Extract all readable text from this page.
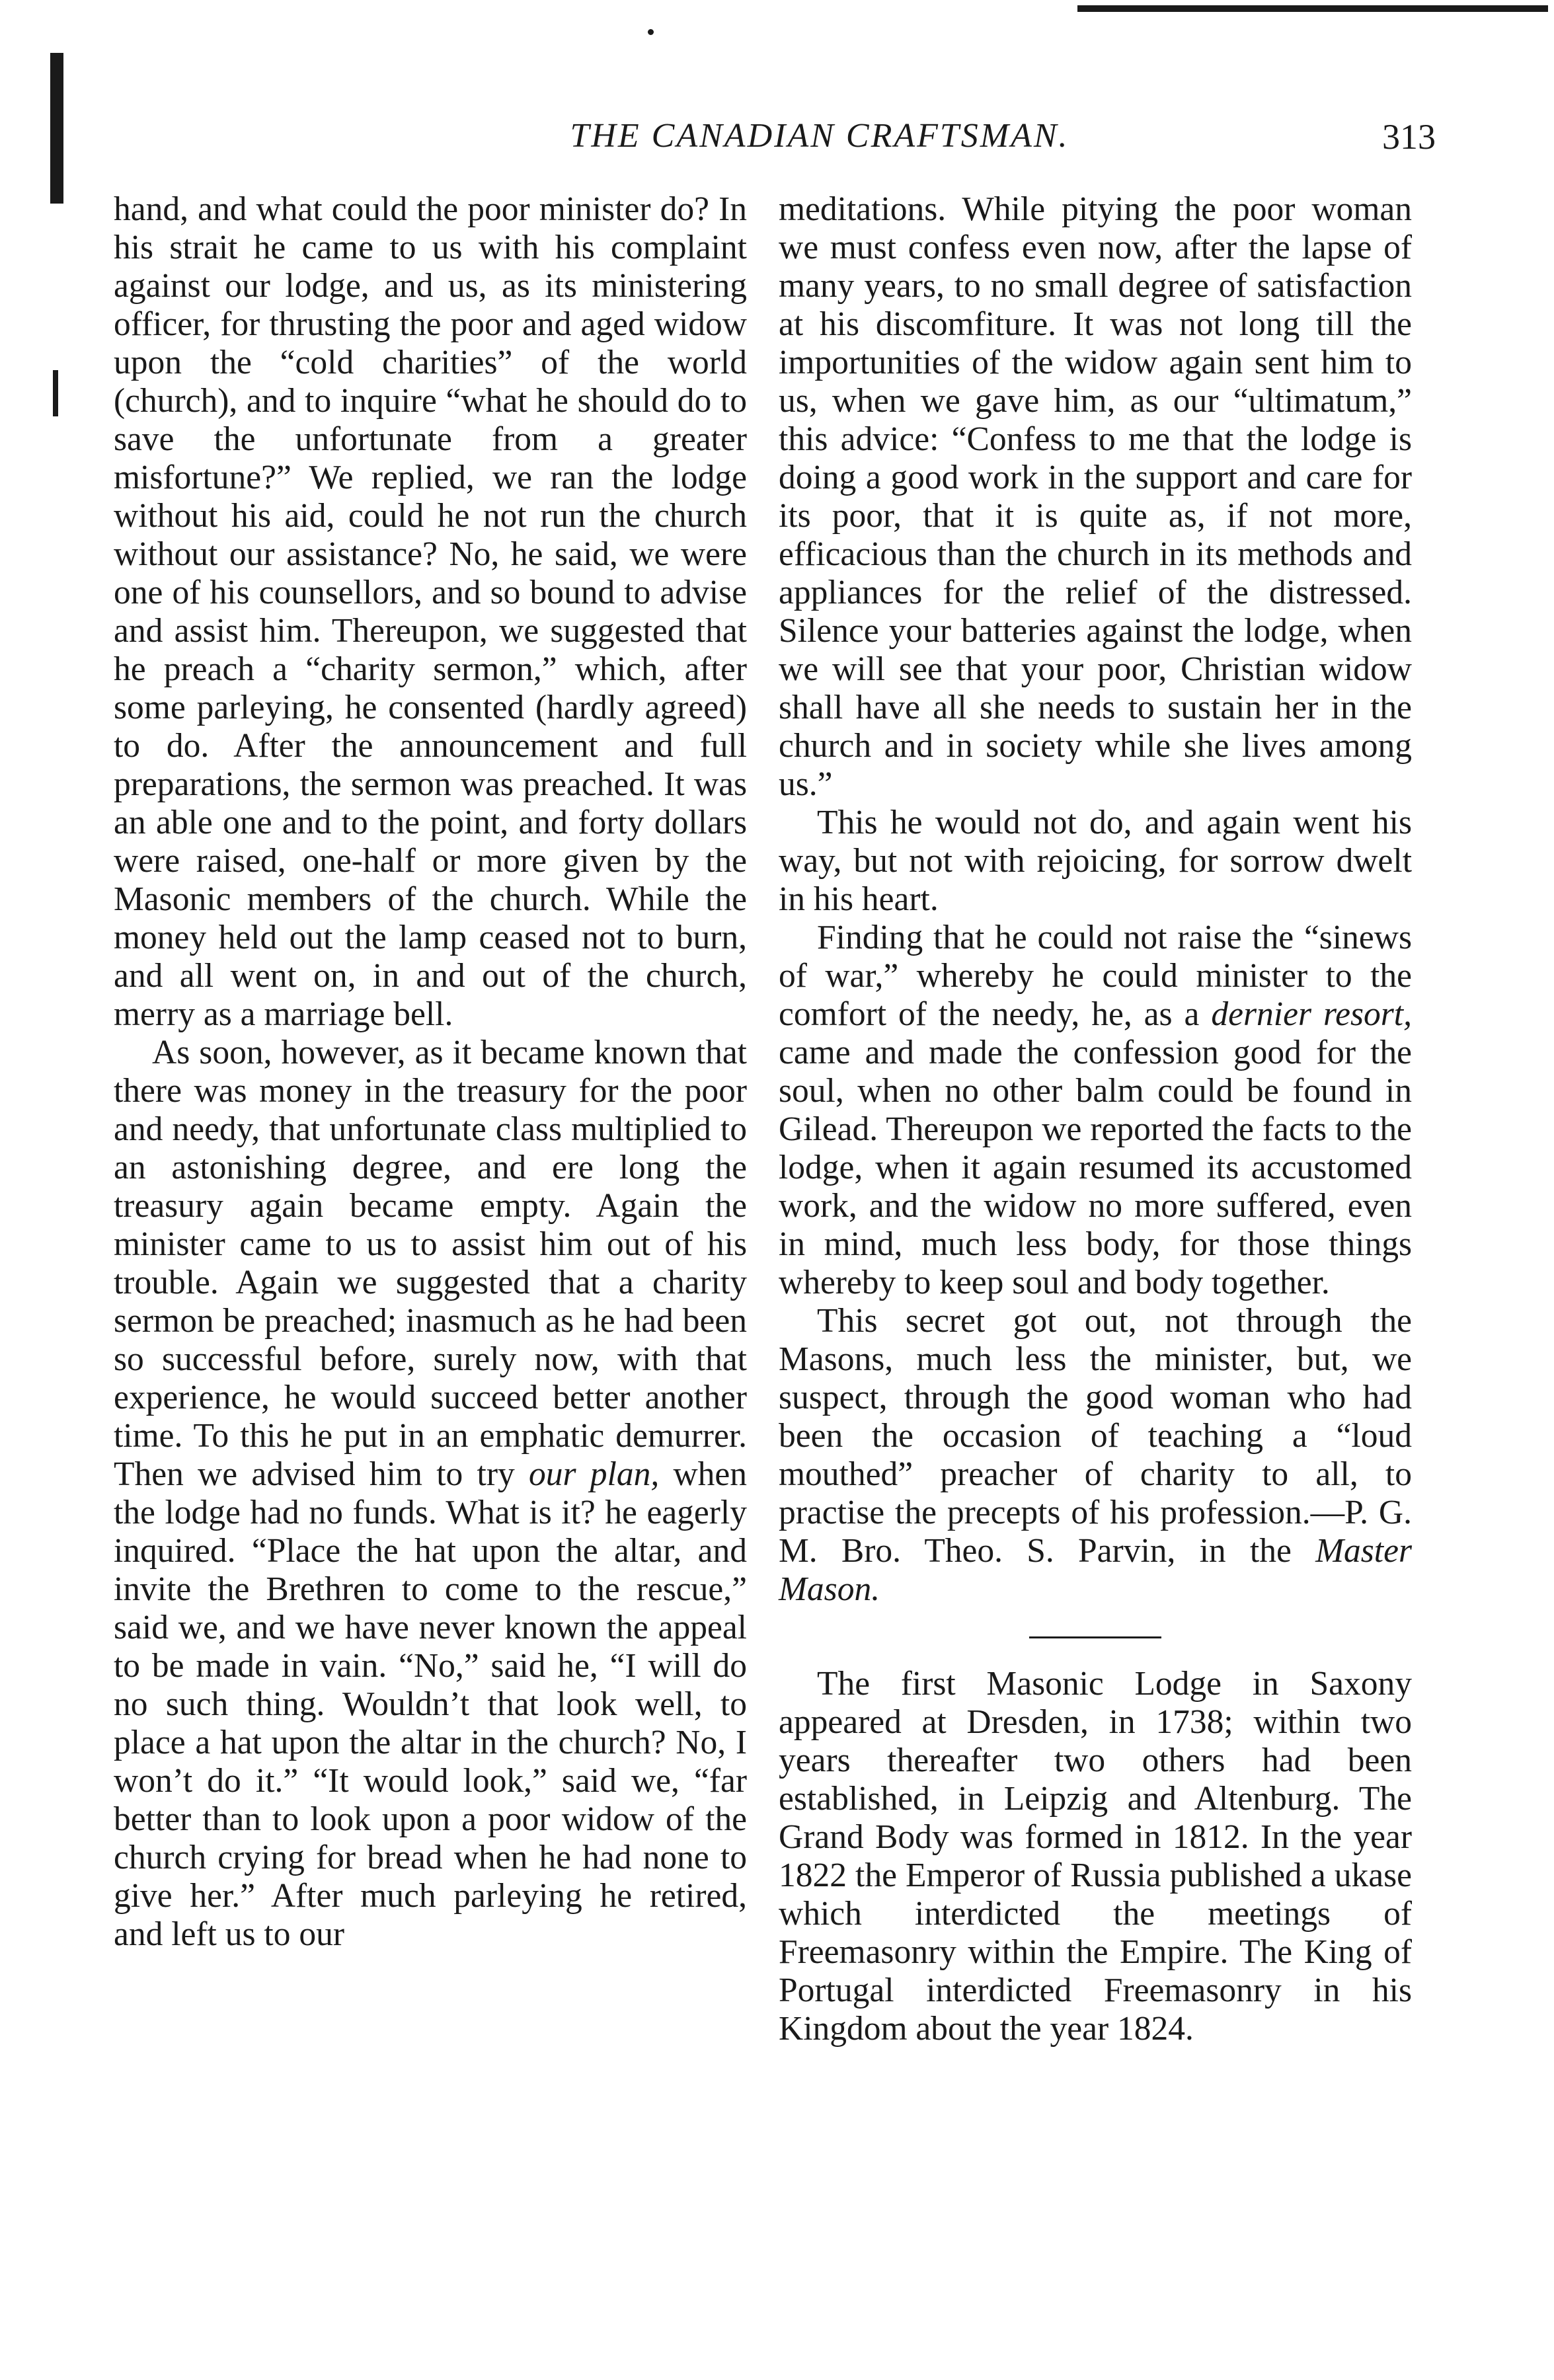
THE CANADIAN CRAFTSMAN.	313

hand, and what could the poor minister do? In his strait he came to us with his complaint against our lodge, and us, as its ministering officer, for thrusting the poor and aged widow upon the “cold charities” of the world (church), and to inquire “what he should do to save the unfortunate from a greater misfortune?” We replied, we ran the lodge without his aid, could he not run the church without our assistance? No, he said, we were one of his counsellors, and so bound to advise and assist him. Thereupon, we suggested that he preach a “charity sermon,” which, after some parleying, he consented (hardly agreed) to do. After the announcement and full preparations, the sermon was preached. It was an able one and to the point, and forty dollars were raised, one-half or more given by the Masonic members of the church. While the money held out the lamp ceased not to burn, and all went on, in and out of the church, merry as a marriage bell.

As soon, however, as it became known that there was money in the treasury for the poor and needy, that unfortunate class multiplied to an astonishing degree, and ere long the treasury again became empty. Again the minister came to us to assist him out of his trouble. Again we suggested that a charity sermon be preached; inasmuch as he had been so successful before, surely now, with that experience, he would succeed better another time. To this he put in an emphatic demurrer. Then we advised him to try our plan, when the lodge had no funds. What is it? he eagerly inquired. “Place the hat upon the altar, and invite the Brethren to come to the rescue,” said we, and we have never known the appeal to be made in vain. “No,” said he, “I will do no such thing. Wouldn’t that look well, to place a hat upon the altar in the church? No, I won’t do it.” “It would look,” said we, “far better than to look upon a poor widow of the church crying for bread when he had none to give her.” After much parleying he retired, and left us to our

meditations. While pitying the poor woman we must confess even now, after the lapse of many years, to no small degree of satisfaction at his discomfiture. It was not long till the importunities of the widow again sent him to us, when we gave him, as our “ultimatum,” this advice: “Confess to me that the lodge is doing a good work in the support and care for its poor, that it is quite as, if not more, efficacious than the church in its methods and appliances for the relief of the distressed. Silence your batteries against the lodge, when we will see that your poor, Christian widow shall have all she needs to sustain her in the church and in society while she lives among us.”

This he would not do, and again went his way, but not with rejoicing, for sorrow dwelt in his heart.

Finding that he could not raise the “sinews of war,” whereby he could minister to the comfort of the needy, he, as a dernier resort, came and made the confession good for the soul, when no other balm could be found in Gilead. Thereupon we reported the facts to the lodge, when it again resumed its accustomed work, and the widow no more suffered, even in mind, much less body, for those things whereby to keep soul and body together.

This secret got out, not through the Masons, much less the minister, but, we suspect, through the good woman who had been the occasion of teaching a “loud mouthed” preacher of charity to all, to practise the precepts of his profession.—P. G. M. Bro. Theo. S. Parvin, in the Master Mason.

The first Masonic Lodge in Saxony appeared at Dresden, in 1738; within two years thereafter two others had been established, in Leipzig and Altenburg. The Grand Body was formed in 1812. In the year 1822 the Emperor of Russia published a ukase which interdicted the meetings of Freemasonry within the Empire. The King of Portugal interdicted Freemasonry in his Kingdom about the year 1824.
